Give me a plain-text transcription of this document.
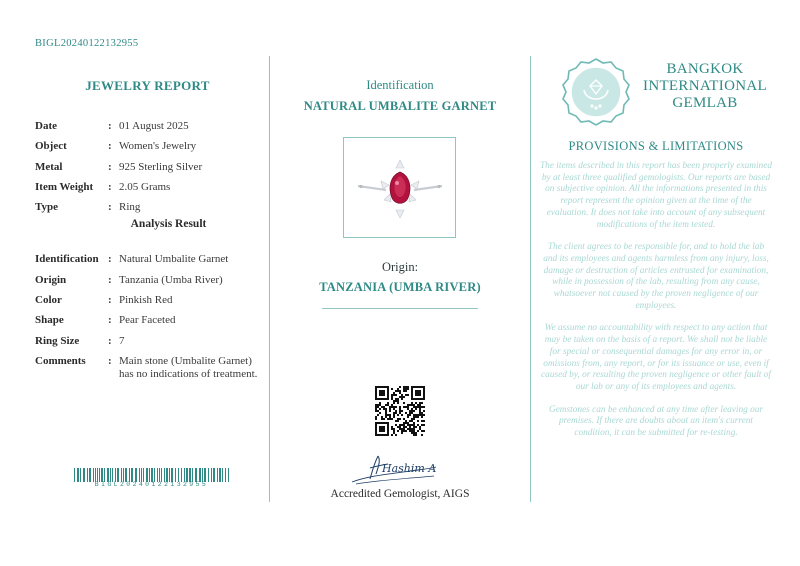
BIGL20240122132955
JEWELRY REPORT
Date	: 01 August 2025
Object	: Women's Jewelry
Metal	: 925 Sterling Silver
Item Weight	: 2.05 Grams
Type	: Ring
Analysis Result
Identification : Natural Umbalite Garnet
Origin	: Tanzania (Umba River)
Color	: Pinkish Red
Shape	: Pear Faceted
Ring Size	: 7
Comments	: Main stone (Umbalite Garnet) has no indications of treatment.
BIGL20240122132955
Identification
NATURAL UMBALITE GARNET
Origin:
TANZANIA (UMBA RIVER)
Hashim A
Accredited Gemologist, AIGS
BANGKOK
INTERNATIONAL
GEMLAB
PROVISIONS & LIMITATIONS

The items described in this report has been properly examined by at least three qualified gemologists. Our reports are based on subjective opinion. All the informations presented in this report represent the opinion given at the time of the evaluation. It does not take into account of any subsequent modifications of the item tested.

The client agrees to be responsible for, and to hold the lab and its employees and agents harmless from any injury, loss, damage or destruction of articles entrusted for examination, while in possession of the lab, resulting from any cause, whatsoever not caused by the proven negligence of our employees.

We assume no accountability with respect to any action that may be taken on the basis of a report. We shall not be liable for special or consequential damages for any error in, or omissions from, any report, or for its issuance or use, even if caused by, or resulting the proven negligence or other fault of our lab or any of its employees and agents.

Gemstones can be enhanced at any time after leaving our premises. If there are doubts about an item's current condition, it can be submitted for re-testing.
